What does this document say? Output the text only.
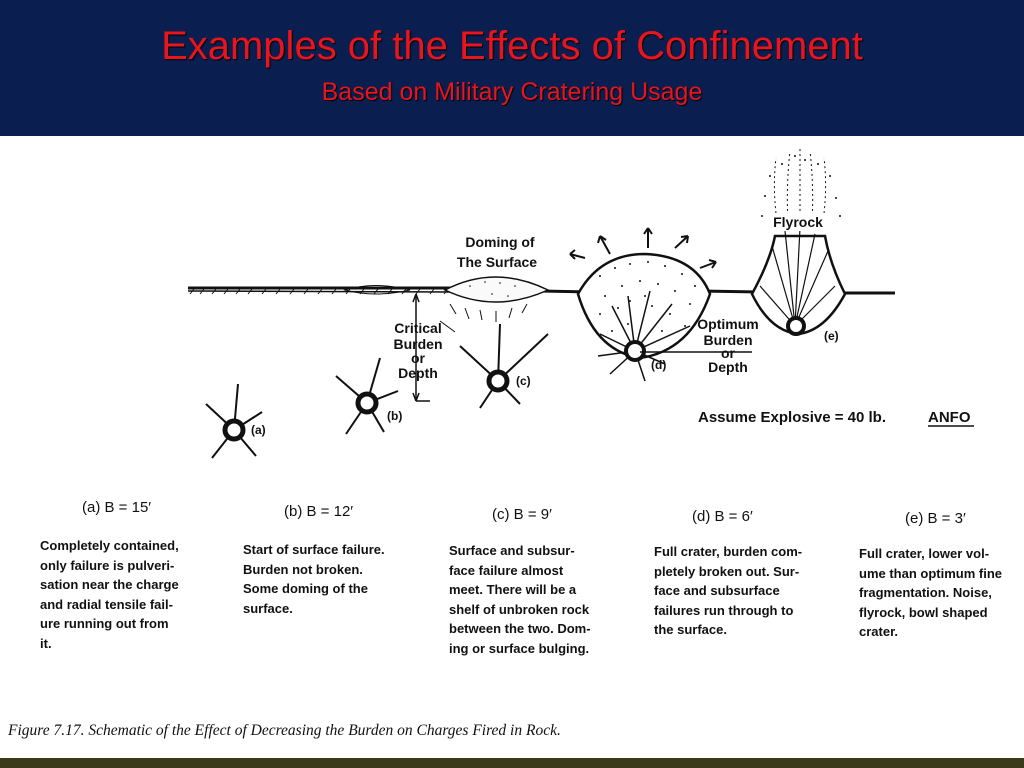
Examples of the Effects of Confinement
Based on Military Cratering Usage
Doming of
The Surface
Critical
Burden
or
Depth
Optimum
Burden
or
Depth
Flyrock
(a)
(b)
(c)
(d)
(e)
Assume Explosive = 40 lb.	ANFO
(a) B = 15′	(b) B = 12′	(c) B = 9′	(d) B = 6′	(e) B = 3′
Completely contained,
only failure is pulveri-
sation near the charge
and radial tensile fail-
ure running out from
it.
Start of surface failure.
Burden not broken.
Some doming of the
surface.
Surface and subsur-
face failure almost
meet. There will be a
shelf of unbroken rock
between the two. Dom-
ing or surface bulging.
Full crater, burden com-
pletely broken out. Sur-
face and subsurface
failures run through to
the surface.
Full crater, lower vol-
ume than optimum fine
fragmentation. Noise,
flyrock, bowl shaped
crater.
Figure 7.17. Schematic of the Effect of Decreasing the Burden on Charges Fired in Rock.
